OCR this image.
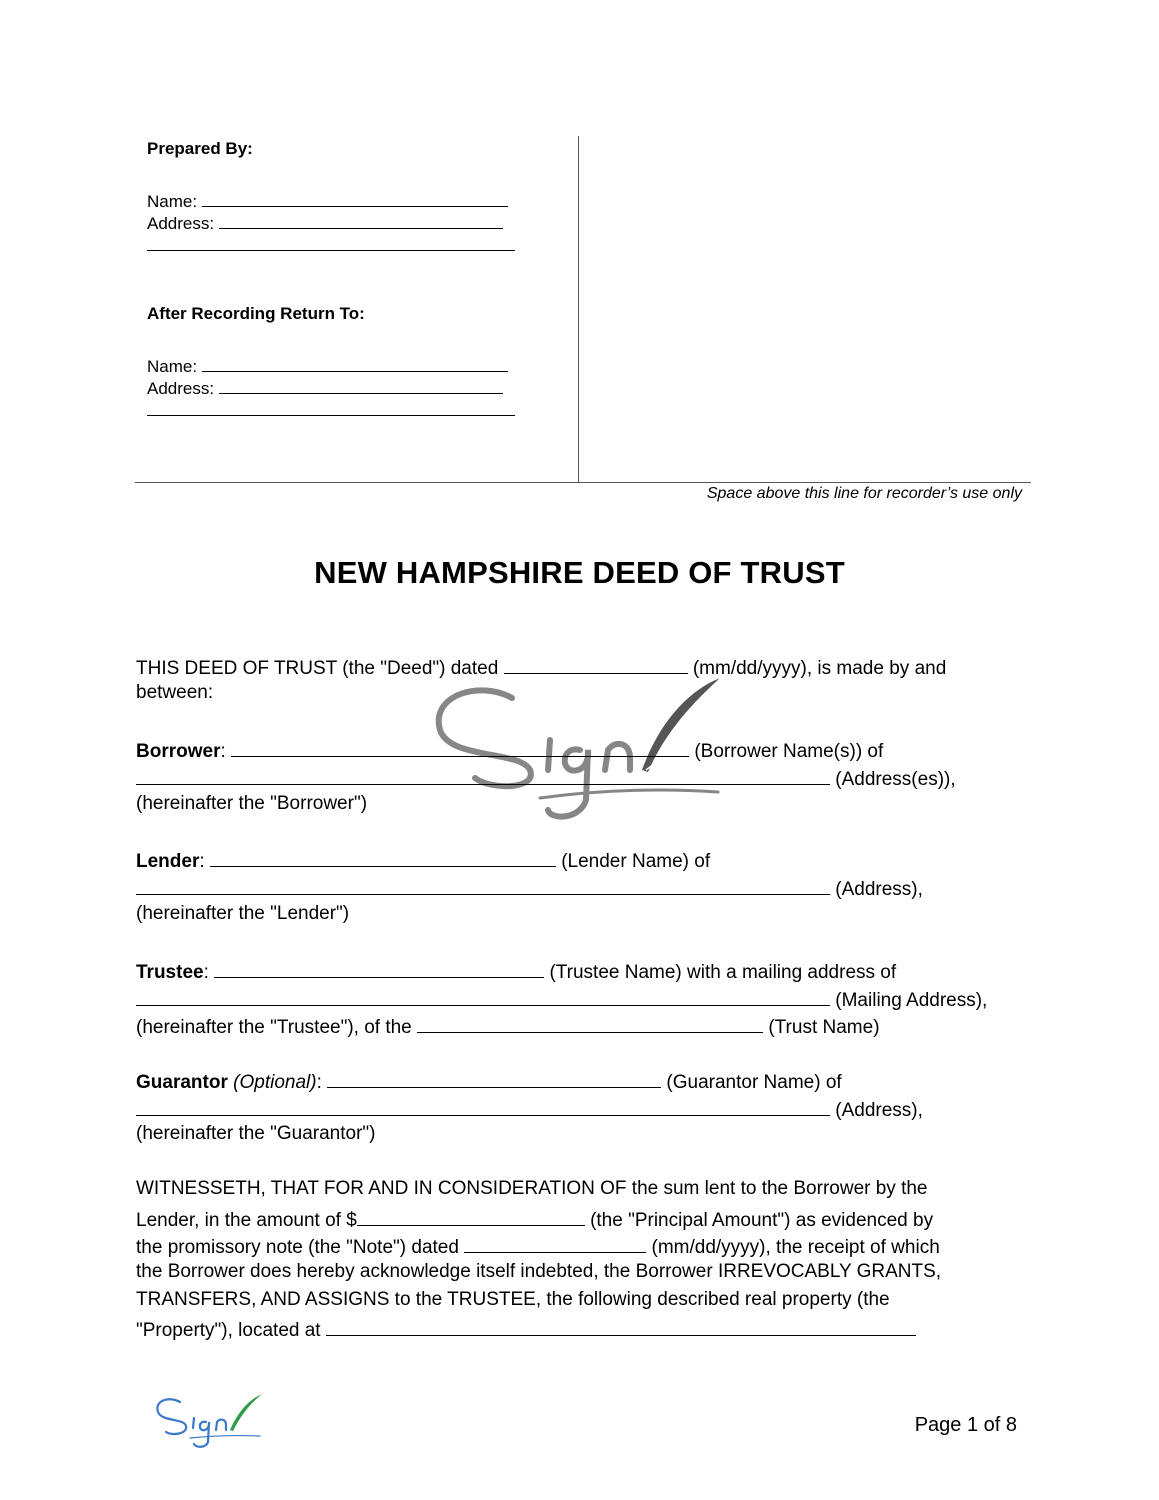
Prepared By:
Name:
Address:
After Recording Return To:
Name:
Address:
Space above this line for recorder’s use only
NEW HAMPSHIRE DEED OF TRUST
THIS DEED OF TRUST (the "Deed") dated	(mm/dd/yyyy), is made by and
between:
Borrower:	(Borrower Name(s)) of
(Address(es)),
(hereinafter the "Borrower")
Lender:	(Lender Name) of
(Address),
(hereinafter the "Lender")
Trustee:	(Trustee Name) with a mailing address of
(Mailing Address),
(hereinafter the "Trustee"), of the	(Trust Name)
Guarantor (Optional):	(Guarantor Name) of
(Address),
(hereinafter the "Guarantor")
WITNESSETH, THAT FOR AND IN CONSIDERATION OF the sum lent to the Borrower by the
Lender, in the amount of $	(the "Principal Amount") as evidenced by
the promissory note (the "Note") dated	(mm/dd/yyyy), the receipt of which
the Borrower does hereby acknowledge itself indebted, the Borrower IRREVOCABLY GRANTS,
TRANSFERS, AND ASSIGNS to the TRUSTEE, the following described real property (the
"Property"), located at
Page 1 of 8
